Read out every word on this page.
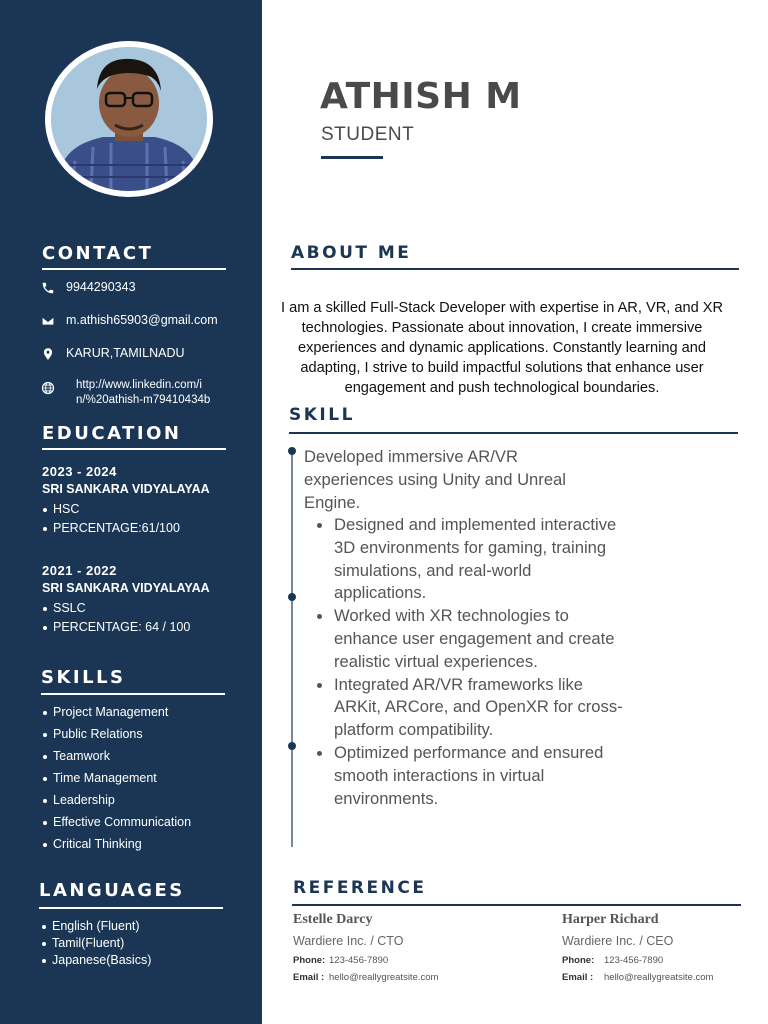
CONTACT
9944290343
m.athish65903@gmail.com
KARUR,TAMILNADU
http://www.linkedin.com/i
n/%20athish-m79410434b
EDUCATION
2023 - 2024
SRI SANKARA VIDYALAYAA
HSC
PERCENTAGE:61/100
2021 - 2022
SRI SANKARA VIDYALAYAA
SSLC
PERCENTAGE: 64 / 100
SKILLS
Project Management
Public Relations
Teamwork
Time Management
Leadership
Effective Communication
Critical Thinking
LANGUAGES
English (Fluent)
Tamil(Fluent)
Japanese(Basics)
ATHISH M
STUDENT
ABOUT ME
I am a skilled Full-Stack Developer with expertise in AR, VR, and XR technologies. Passionate about innovation, I create immersive experiences and dynamic applications. Constantly learning and adapting, I strive to build impactful solutions that enhance user engagement and push technological boundaries.
SKILL
Developed immersive AR/VR experiences using Unity and Unreal Engine.
Designed and implemented interactive 3D environments for gaming, training simulations, and real-world applications.
Worked with XR technologies to enhance user engagement and create realistic virtual experiences.
Integrated AR/VR frameworks like ARKit, ARCore, and OpenXR for cross-platform compatibility.
Optimized performance and ensured smooth interactions in virtual environments.
REFERENCE
Estelle Darcy
Wardiere Inc. / CTO
Phone: 123-456-7890
Email : hello@reallygreatsite.com
Harper Richard
Wardiere Inc. / CEO
Phone:	123-456-7890
Email :	hello@reallygreatsite.com
